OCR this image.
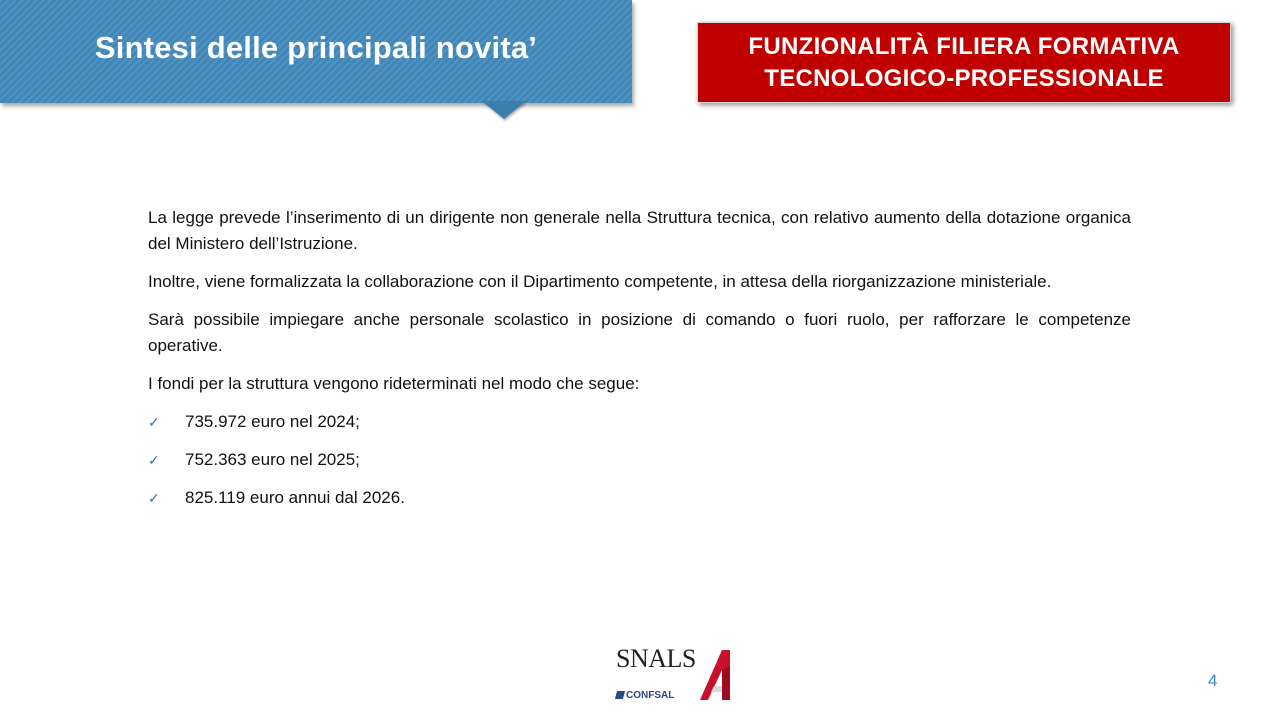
Sintesi delle principali novita’	FUNZIONALITÀ FILIERA FORMATIVA
TECNOLOGICO-PROFESSIONALE

La legge prevede l’inserimento di un dirigente non generale nella Struttura tecnica, con relativo aumento della dotazione organica del Ministero dell’Istruzione.

Inoltre, viene formalizzata la collaborazione con il Dipartimento competente, in attesa della riorganizzazione ministeriale.

Sarà possibile impiegare anche personale scolastico in posizione di comando o fuori ruolo, per rafforzare le competenze operative.

I fondi per la struttura vengono rideterminati nel modo che segue:

✓ 735.972 euro nel 2024;
✓ 752.363 euro nel 2025;
✓ 825.119 euro annui dal 2026.
SNALS
CONFSAL
4
